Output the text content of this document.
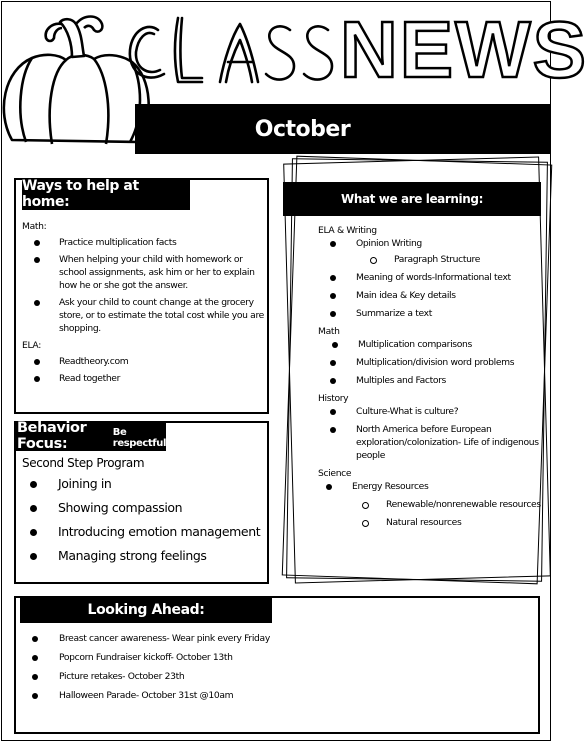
NEWS
October
Ways to help at home:
Math:
Practice multiplication facts
When helping your child with homework or school assignments, ask him or her to explain how he or she got the answer.
Ask your child to count change at the grocery store, or to estimate the total cost while you are shopping.
ELA:
Readtheory.com
Read together
Behavior Focus:
Be respectful
Second Step Program
Joining in
Showing compassion
Introducing emotion management
Managing strong feelings
What we are learning:
ELA & Writing
Opinion Writing
Paragraph Structure
Meaning of words-Informational text
Main idea & Key details
Summarize a text
Math
Multiplication comparisons
Multiplication/division word problems
Multiples and Factors
History
Culture-What is culture?
North America before European exploration/colonization- Life of indigenous people
Science
Energy Resources
Renewable/nonrenewable resources
Natural resources
Looking Ahead:
Breast cancer awareness- Wear pink every Friday
Popcorn Fundraiser kickoff- October 13th
Picture retakes- October 23th
Halloween Parade- October 31st @10am
